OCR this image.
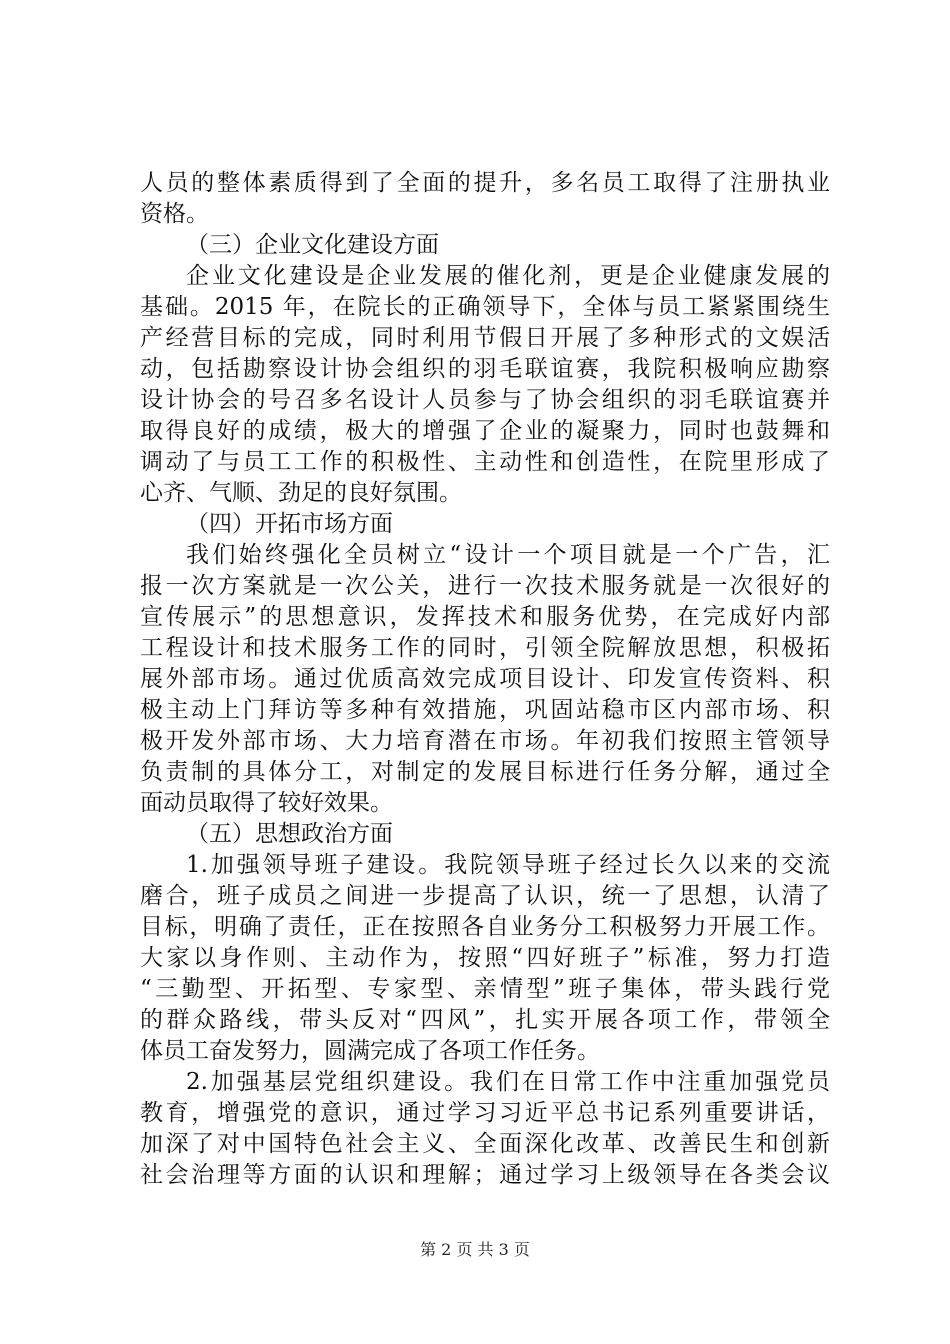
人员的整体素质得到了全面的提升，多名员工取得了注册执业
资格。
（三）企业文化建设方面
企业文化建设是企业发展的催化剂，更是企业健康发展的
基础。2015 年，在院长的正确领导下，全体与员工紧紧围绕生
产经营目标的完成，同时利用节假日开展了多种形式的文娱活
动，包括勘察设计协会组织的羽毛联谊赛，我院积极响应勘察
设计协会的号召多名设计人员参与了协会组织的羽毛联谊赛并
取得良好的成绩，极大的增强了企业的凝聚力，同时也鼓舞和
调动了与员工工作的积极性、主动性和创造性，在院里形成了
心齐、气顺、劲足的良好氛围。
（四）开拓市场方面
我们始终强化全员树立“设计一个项目就是一个广告，汇
报一次方案就是一次公关，进行一次技术服务就是一次很好的
宣传展示”的思想意识，发挥技术和服务优势，在完成好内部
工程设计和技术服务工作的同时，引领全院解放思想，积极拓
展外部市场。通过优质高效完成项目设计、印发宣传资料、积
极主动上门拜访等多种有效措施，巩固站稳市区内部市场、积
极开发外部市场、大力培育潜在市场。年初我们按照主管领导
负责制的具体分工，对制定的发展目标进行任务分解，通过全
面动员取得了较好效果。
（五）思想政治方面
1.加强领导班子建设。我院领导班子经过长久以来的交流
磨合，班子成员之间进一步提高了认识，统一了思想，认清了
目标，明确了责任，正在按照各自业务分工积极努力开展工作。
大家以身作则、主动作为，按照“四好班子”标准，努力打造
“三勤型、开拓型、专家型、亲情型”班子集体，带头践行党
的群众路线，带头反对“四风”，扎实开展各项工作，带领全
体员工奋发努力，圆满完成了各项工作任务。
2.加强基层党组织建设。我们在日常工作中注重加强党员
教育，增强党的意识，通过学习习近平总书记系列重要讲话，
加深了对中国特色社会主义、全面深化改革、改善民生和创新
社会治理等方面的认识和理解；通过学习上级领导在各类会议
第 2 页 共 3 页
